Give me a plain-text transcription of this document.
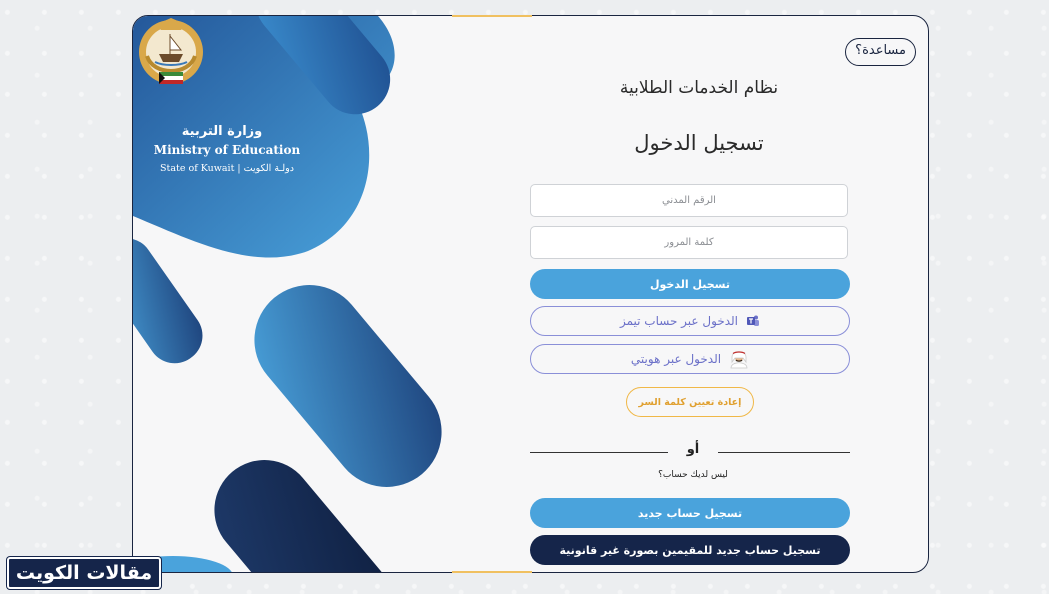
وزارة التربية
Ministry of Education
State of Kuwait | دولـة الكويت
مساعدة؟
نظام الخدمات الطلابية
تسجيل الدخول
الرقم المدني
تسجيل الدخول
الدخول عبر حساب تيمز
الدخول عبر هويتي
إعادة تعيين كلمة السر
أو
ليس لديك حساب؟
تسجيل حساب جديد
تسجيل حساب جديد للمقيمين بصورة غير قانونية
مقالات الكويت
